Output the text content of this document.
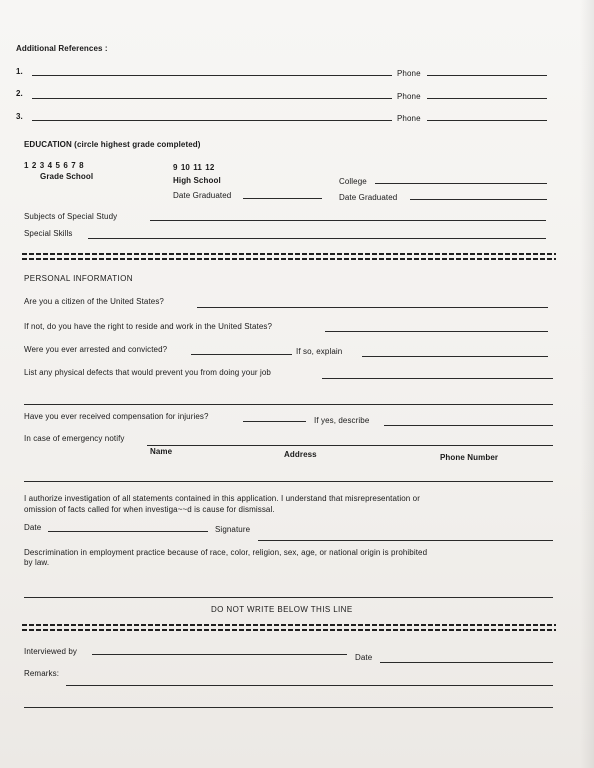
Additional References :
1.	Phone
2.	Phone
3.	Phone
EDUCATION (circle highest grade completed)
1 2 3 4 5 6 7 8
Grade School
9 10 11 12
High School	College
Date Graduated	Date Graduated
Subjects of Special Study
Special Skills
PERSONAL INFORMATION
Are you a citizen of the United States?
If not, do you have the right to reside and work in the United States?
Were you ever arrested and convicted?	If so, explain
List any physical defects that would prevent you from doing your job
Have you ever received compensation for injuries?	If yes, describe
In case of emergency notify
Name	Address	Phone Number
I authorize investigation of all statements contained in this application. I understand that misrepresentation or
omission of facts called for when investiga~~d is cause for dismissal.
Date	Signature
Descrimination in employment practice because of race, color, religion, sex, age, or national origin is prohibited
by law.
DO NOT WRITE BELOW THIS LINE
Interviewed by
Date
Remarks:
